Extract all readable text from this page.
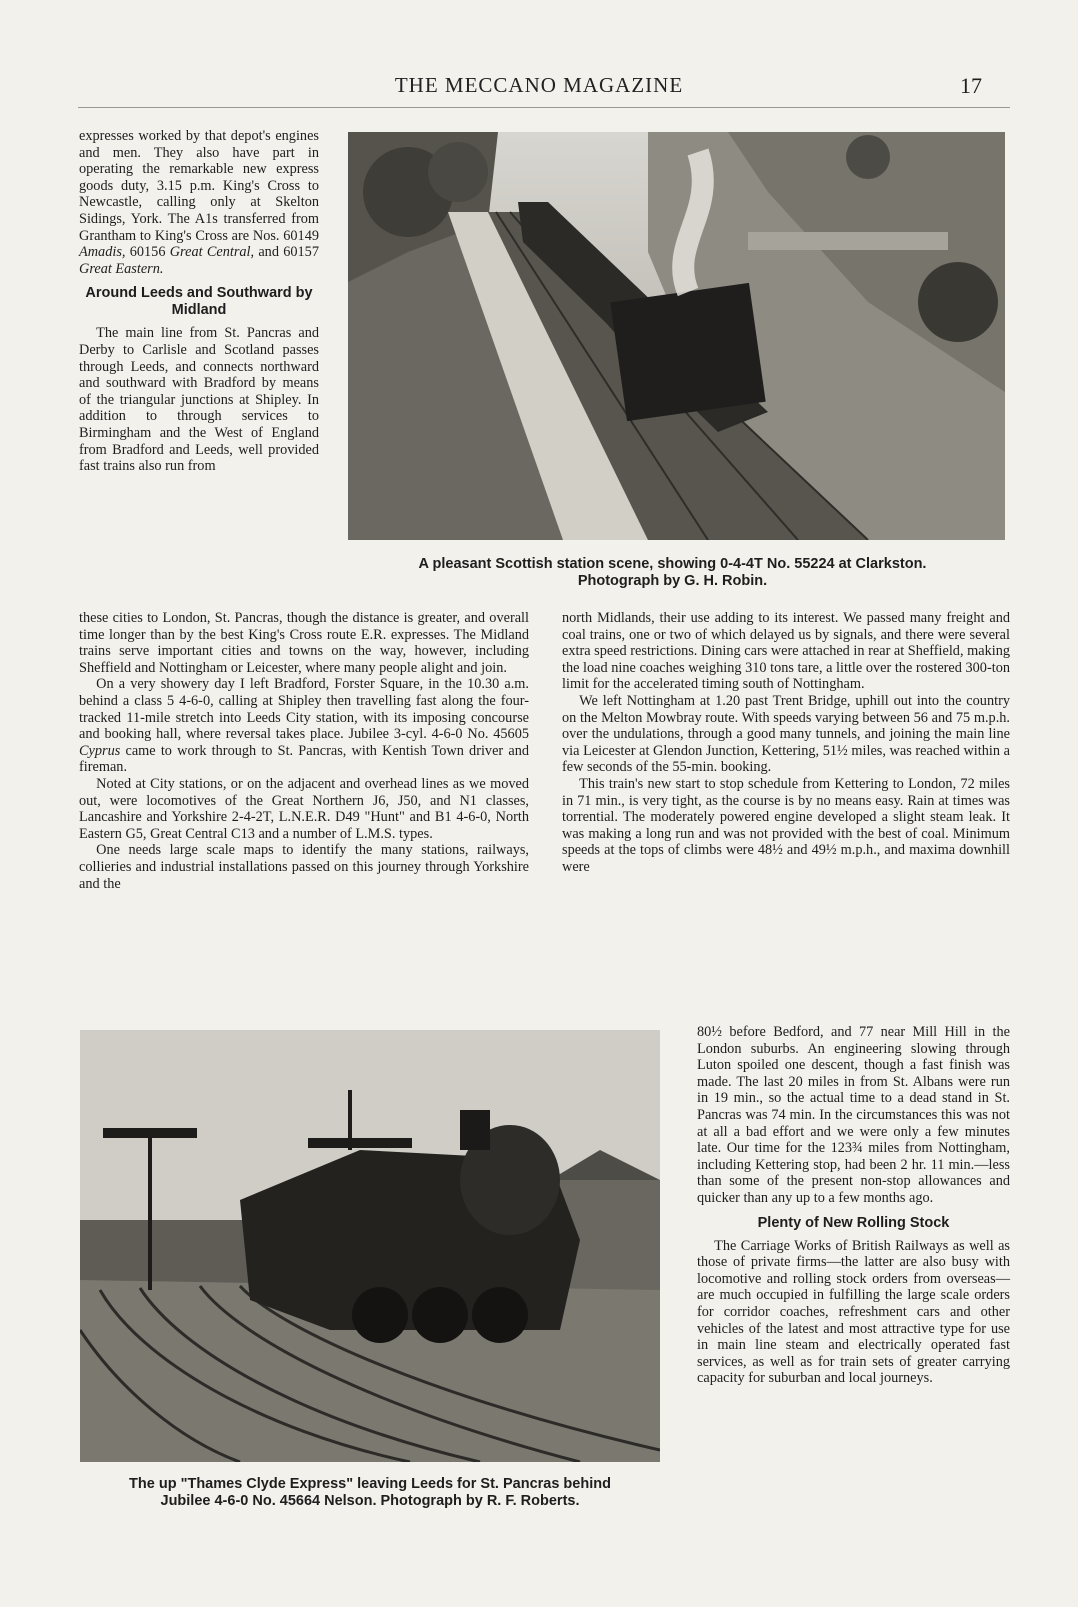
THE MECCANO MAGAZINE	17

expresses worked by that depot's engines and men. They also have part in operating the remarkable new express goods duty, 3.15 p.m. King's Cross to Newcastle, calling only at Skelton Sidings, York. The A1s transferred from Grantham to King's Cross are Nos. 60149 Amadis, 60156 Great Central, and 60157 Great Eastern.

Around Leeds and Southward by Midland

The main line from St. Pancras and Derby to Carlisle and Scotland passes through Leeds, and connects northward and southward with Bradford by means of the triangular junctions at Shipley. In addition to through services to Birmingham and the West of England from Bradford and Leeds, well provided fast trains also run from

A pleasant Scottish station scene, showing 0-4-4T No. 55224 at Clarkston.
Photograph by G. H. Robin.

these cities to London, St. Pancras, though the distance is greater, and overall time longer than by the best King's Cross route E.R. expresses. The Midland trains serve important cities and towns on the way, however, including Sheffield and Nottingham or Leicester, where many people alight and join.

On a very showery day I left Bradford, Forster Square, in the 10.30 a.m. behind a class 5 4-6-0, calling at Shipley then travelling fast along the four-tracked 11-mile stretch into Leeds City station, with its imposing concourse and booking hall, where reversal takes place. Jubilee 3-cyl. 4-6-0 No. 45605 Cyprus came to work through to St. Pancras, with Kentish Town driver and fireman.

Noted at City stations, or on the adjacent and overhead lines as we moved out, were locomotives of the Great Northern J6, J50, and N1 classes, Lancashire and Yorkshire 2-4-2T, L.N.E.R. D49 "Hunt" and B1 4-6-0, North Eastern G5, Great Central C13 and a number of L.M.S. types.

One needs large scale maps to identify the many stations, railways, collieries and industrial installations passed on this journey through Yorkshire and the

north Midlands, their use adding to its interest. We passed many freight and coal trains, one or two of which delayed us by signals, and there were several extra speed restrictions. Dining cars were attached in rear at Sheffield, making the load nine coaches weighing 310 tons tare, a little over the rostered 300-ton limit for the accelerated timing south of Nottingham.

We left Nottingham at 1.20 past Trent Bridge, uphill out into the country on the Melton Mowbray route. With speeds varying between 56 and 75 m.p.h. over the undulations, through a good many tunnels, and joining the main line via Leicester at Glendon Junction, Kettering, 51½ miles, was reached within a few seconds of the 55-min. booking.

This train's new start to stop schedule from Kettering to London, 72 miles in 71 min., is very tight, as the course is by no means easy. Rain at times was torrential. The moderately powered engine developed a slight steam leak. It was making a long run and was not provided with the best of coal. Minimum speeds at the tops of climbs were 48½ and 49½ m.p.h., and maxima downhill were

The up "Thames Clyde Express" leaving Leeds for St. Pancras behind
Jubilee 4-6-0 No. 45664 Nelson. Photograph by R. F. Roberts.

80½ before Bedford, and 77 near Mill Hill in the London suburbs. An engineering slowing through Luton spoiled one descent, though a fast finish was made. The last 20 miles in from St. Albans were run in 19 min., so the actual time to a dead stand in St. Pancras was 74 min. In the circumstances this was not at all a bad effort and we were only a few minutes late. Our time for the 123¾ miles from Nottingham, including Kettering stop, had been 2 hr. 11 min.—less than some of the present non-stop allowances and quicker than any up to a few months ago.

Plenty of New Rolling Stock

The Carriage Works of British Railways as well as those of private firms—the latter are also busy with locomotive and rolling stock orders from overseas—are much occupied in fulfilling the large scale orders for corridor coaches, refreshment cars and other vehicles of the latest and most attractive type for use in main line steam and electrically operated fast services, as well as for train sets of greater carrying capacity for suburban and local journeys.
